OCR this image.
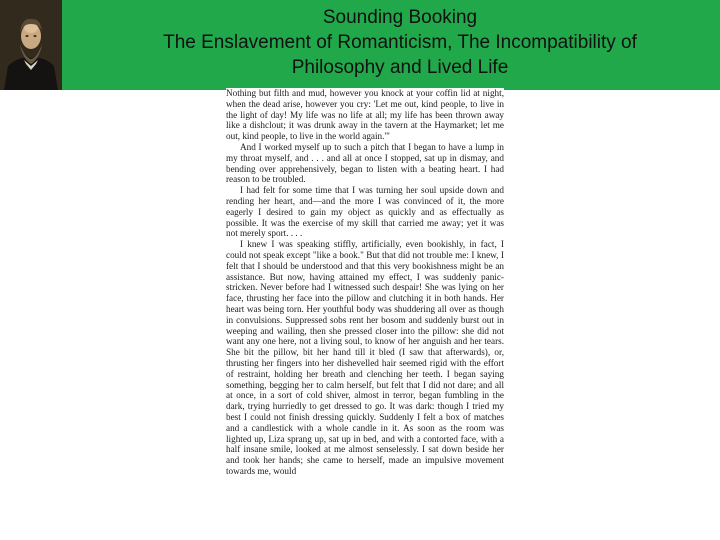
Sounding Booking
The Enslavement of Romanticism, The Incompatibility of
Philosophy and Lived Life

Nothing but filth and mud, however you knock at your coffin lid at night, when the dead arise, however you cry: 'Let me out, kind people, to live in the light of day! My life was no life at all; my life has been thrown away like a dishclout; it was drunk away in the tavern at the Haymarket; let me out, kind people, to live in the world again.'"

And I worked myself up to such a pitch that I began to have a lump in my throat myself, and . . . and all at once I stopped, sat up in dismay, and bending over apprehensively, began to listen with a beating heart. I had reason to be troubled.

I had felt for some time that I was turning her soul upside down and rending her heart, and—and the more I was convinced of it, the more eagerly I desired to gain my object as quickly and as effectually as possible. It was the exercise of my skill that carried me away; yet it was not merely sport. . . .

I knew I was speaking stiffly, artificially, even bookishly, in fact, I could not speak except "like a book." But that did not trouble me: I knew, I felt that I should be understood and that this very bookishness might be an assistance. But now, having attained my effect, I was suddenly panic-stricken. Never before had I witnessed such despair! She was lying on her face, thrusting her face into the pillow and clutching it in both hands. Her heart was being torn. Her youthful body was shuddering all over as though in convulsions. Suppressed sobs rent her bosom and suddenly burst out in weeping and wailing, then she pressed closer into the pillow: she did not want any one here, not a living soul, to know of her anguish and her tears. She bit the pillow, bit her hand till it bled (I saw that afterwards), or, thrusting her fingers into her dishevelled hair seemed rigid with the effort of restraint, holding her breath and clenching her teeth. I began saying something, begging her to calm herself, but felt that I did not dare; and all at once, in a sort of cold shiver, almost in terror, began fumbling in the dark, trying hurriedly to get dressed to go. It was dark: though I tried my best I could not finish dressing quickly. Suddenly I felt a box of matches and a candlestick with a whole candle in it. As soon as the room was lighted up, Liza sprang up, sat up in bed, and with a contorted face, with a half insane smile, looked at me almost senselessly. I sat down beside her and took her hands; she came to herself, made an impulsive movement towards me, would
